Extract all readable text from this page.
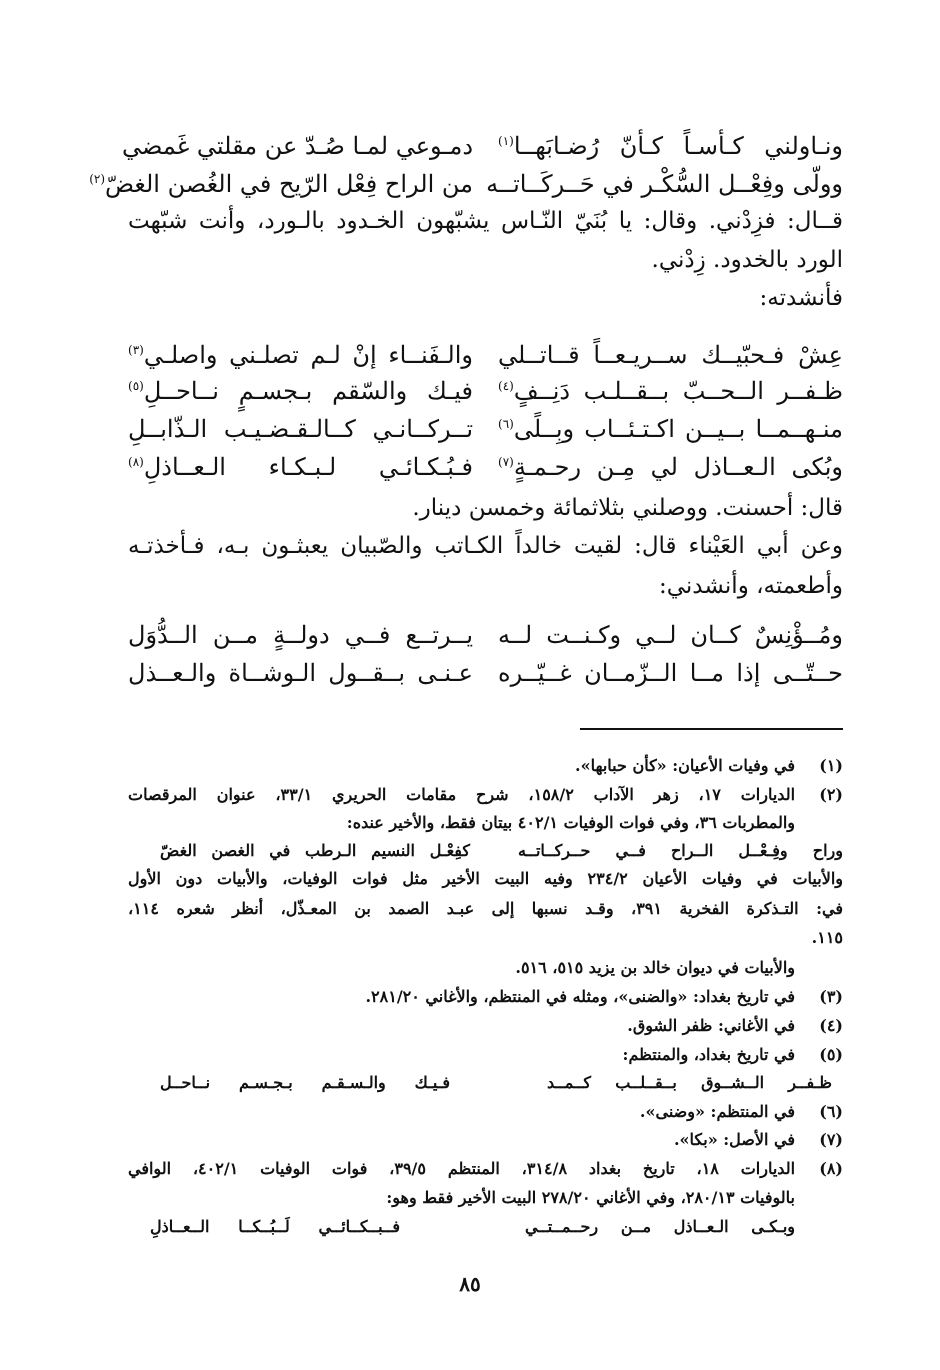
ونـاولني كـأسـاً كـأنّ رُضـابَهــا$^{(١)}$
دمـوعي لمـا صُـدّ عن مقلتي غَمضي
وولّى وفِعْــل السُّكْـر في حَــركَــاتــه
من الراح فِعْل الرّيح في الغُصن الغضّ$^{(٢)}$
قــال: فزِدْني. وقال: يا بُنَيّ النّـاس يشبّهون الخـدود بالـورد، وأنت شبّهت
الورد بالخدود. زِدْني.
فأنشدته:
عِشْ فـحبّيــك ســريـعــاً قــاتــلي
والـفَنــاء إنْ لـم تصلـني واصلـي$^{(٣)}$
ظـفــر الــحــبّ بــقــلـب دَنِــفٍ$^{(٤)}$
فيـك والسّقم بـجسـمٍ نــاحــلِ$^{(٥)}$
منـهــمــا بــيــن اكـتـئــاب وبِــلًى$^{(٦)}$
تــركــانـي كــالـقـضـيـب الـذّابــلِ
وبُكى الـعــاذل لي مِـن رحـمـةٍ$^{(٧)}$
فـبُـكـائـي لـبـكـاء الـعــاذلِ$^{(٨)}$
قال: أحسنت. ووصلني بثلاثمائة وخمسن دينار.
وعن أبي العَيْناء قال: لقيت خالداً الكـاتب والصّبيان يعبثـون بـه، فـأخذتـه
وأطعمته، وأنشدني:
ومُــؤْنِسٌ كــان لــي وكـنــت لــه
يــرتــع فــي دولــةٍ مــن الــدُّوَل
حــتّــى إذا مــا الــزّمــان غــيّــره
عـنـى بــقــول الـوشــاة والـعــذل
(١)
في وفيات الأعيان: «كأن حبابها».
(٢)
الديارات ١٧، زهر الآداب ١٥٨/٢، شرح مقامات الحريري ٣٣/١، عنوان المرقصات
والمطربات ٣٦، وفي فوات الوفيات ٤٠٢/١ بيتان فقط، والأخير عنده:
وراح وفِـعْــل الــراح فــي حــركــاتــه
كفِعْـل النسيم الـرطب في الغصن الغضّ
والأبيات في وفيات الأعيان ٢٣٤/٢ وفيه البيت الأخير مثل فوات الوفيات، والأبيات دون الأول
في: التـذكرة الفخرية ٣٩١، وقـد نسبها إلى عبـد الصمد بن المعـذّل، أنظر شعره ١١٤،
١١٥.
والأبيات في ديوان خالد بن يزيد ٥١٥، ٥١٦.
(٣)
في تاريخ بغداد: «والضنى»، ومثله في المنتظم، والأغاني ٢٨١/٢٠.
(٤)
في الأغاني: ظفر الشوق.
(٥)
في تاريخ بغداد، والمنتظم:
ظـفــر الــشــوق بــقــلــب كــمــد
فـيـك والـسـقـم بـجـسـم نــاحــل
(٦)
في المنتظم: «وضنى».
(٧)
في الأصل: «بكا».
(٨)
الديارات ١٨، تاريخ بغداد ٣١٤/٨، المنتظم ٣٩/٥، فوات الوفيات ٤٠٢/١، الوافي
بالوفيات ٢٨٠/١٣، وفي الأغاني ٢٧٨/٢٠ البيت الأخير فقط وهو:
وبـكـى الـعــاذل مــن رحــمــتــي
فــبــكــائــي لَــبُــكــا الــعــاذلِ
٨٥
